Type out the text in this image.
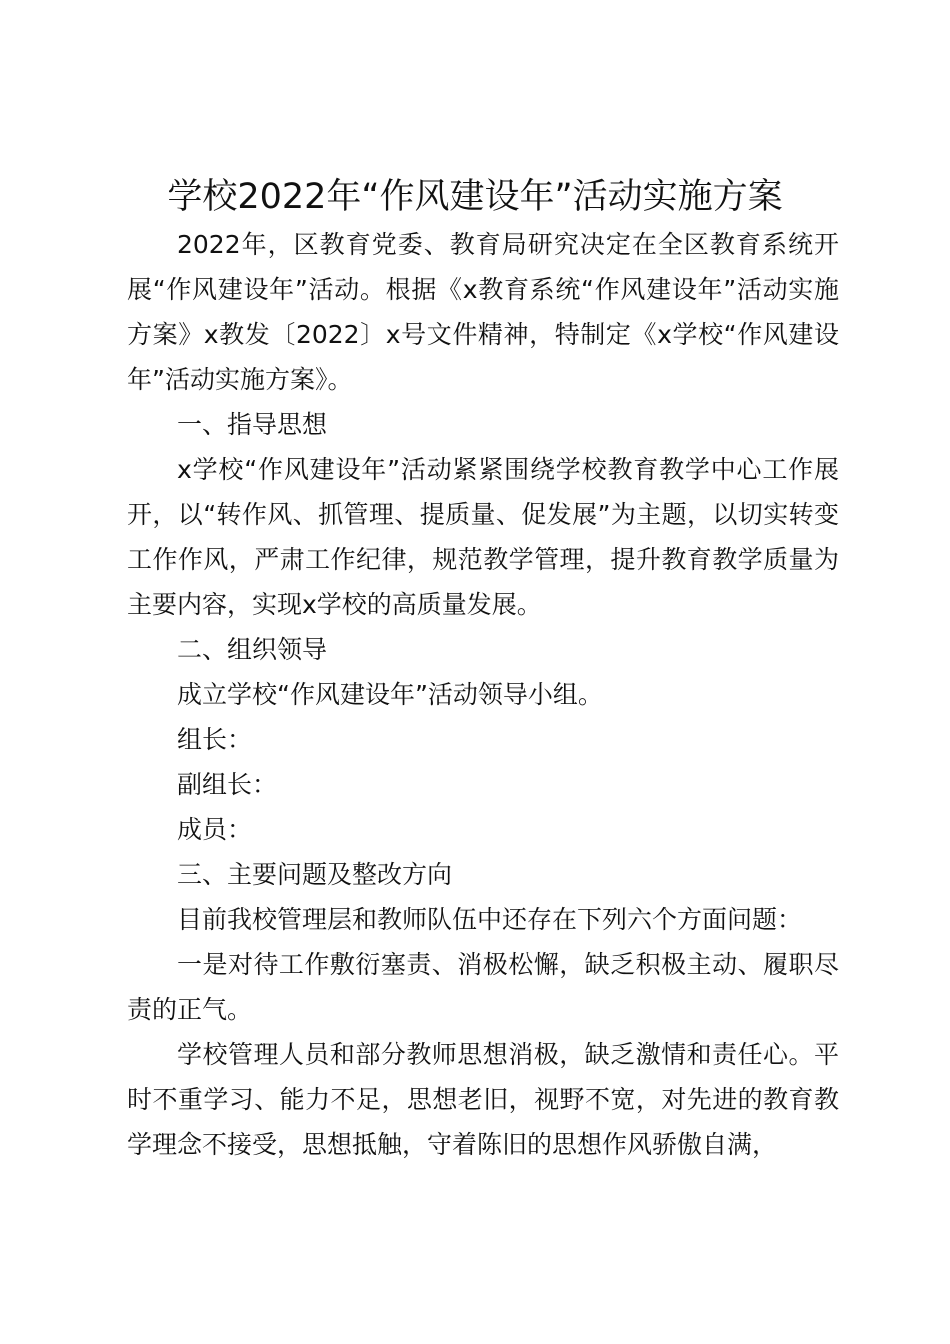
学校2022年“作风建设年”活动实施方案

2022年，区教育党委、教育局研究决定在全区教育系统开展“作风建设年”活动。根据《x教育系统“作风建设年”活动实施方案》x教发〔2022〕x号文件精神，特制定《x学校“作风建设年”活动实施方案》。

一、指导思想

x学校“作风建设年”活动紧紧围绕学校教育教学中心工作展开，以“转作风、抓管理、提质量、促发展”为主题，以切实转变工作作风，严肃工作纪律，规范教学管理，提升教育教学质量为主要内容，实现x学校的高质量发展。

二、组织领导

成立学校“作风建设年”活动领导小组。

组长：

副组长：

成员：

三、主要问题及整改方向

目前我校管理层和教师队伍中还存在下列六个方面问题：

一是对待工作敷衍塞责、消极松懈，缺乏积极主动、履职尽责的正气。

学校管理人员和部分教师思想消极，缺乏激情和责任心。平时不重学习、能力不足，思想老旧，视野不宽，对先进的教育教学理念不接受，思想抵触，守着陈旧的思想作风骄傲自满，
